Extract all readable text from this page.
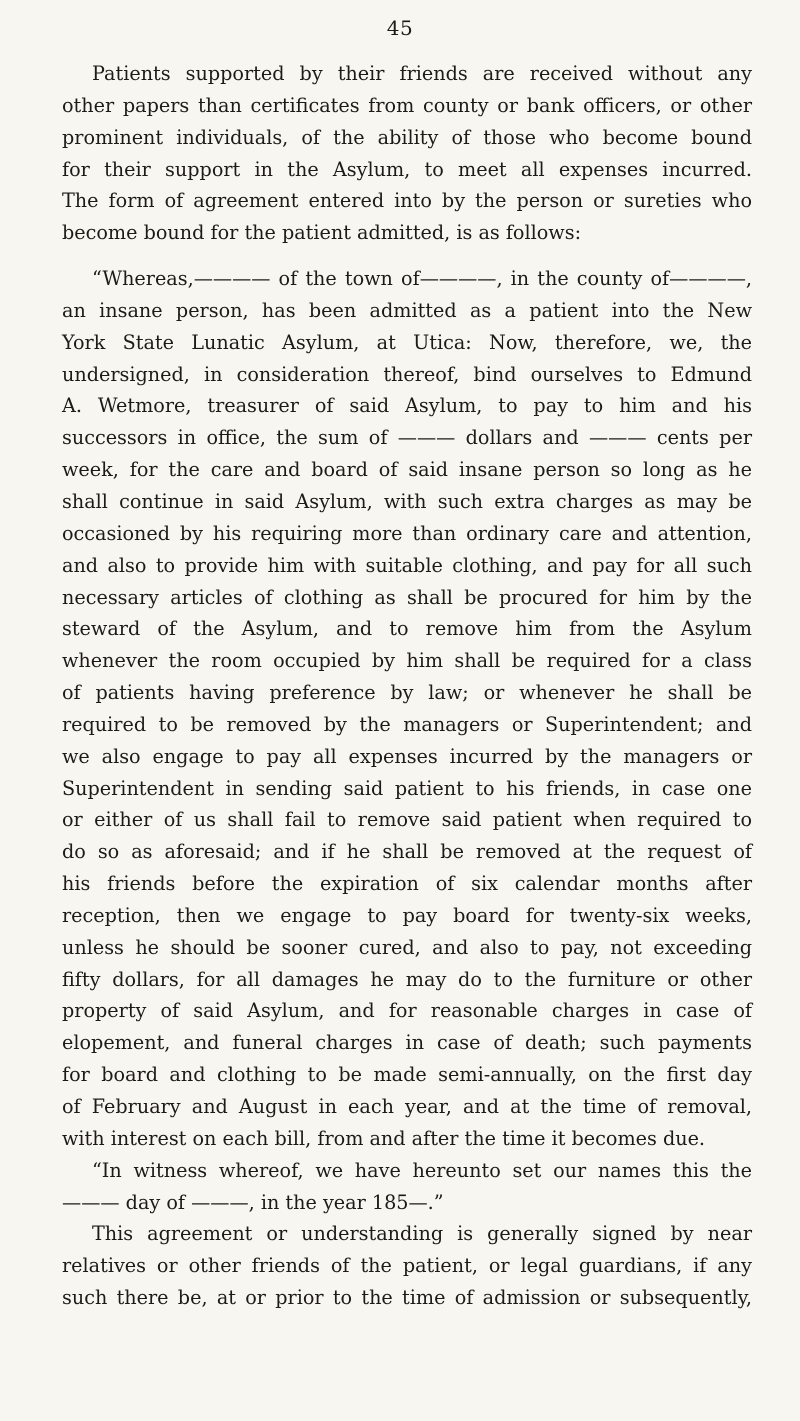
45
Patients supported by their friends are received without any
other papers than certificates from county or bank officers, or other
prominent individuals, of the ability of those who become bound
for their support in the Asylum, to meet all expenses incurred.
The form of agreement entered into by the person or sureties who
become bound for the patient admitted, is as follows:
“Whereas,———— of the town of————, in the county of————,
an insane person, has been admitted as a patient into the New
York State Lunatic Asylum, at Utica: Now, therefore, we, the
undersigned, in consideration thereof, bind ourselves to Edmund
A. Wetmore, treasurer of said Asylum, to pay to him and his
successors in office, the sum of ——— dollars and ——— cents per
week, for the care and board of said insane person so long as he
shall continue in said Asylum, with such extra charges as may be
occasioned by his requiring more than ordinary care and attention,
and also to provide him with suitable clothing, and pay for all such
necessary articles of clothing as shall be procured for him by the
steward of the Asylum, and to remove him from the Asylum
whenever the room occupied by him shall be required for a class
of patients having preference by law; or whenever he shall be
required to be removed by the managers or Superintendent; and
we also engage to pay all expenses incurred by the managers or
Superintendent in sending said patient to his friends, in case one
or either of us shall fail to remove said patient when required to
do so as aforesaid; and if he shall be removed at the request of
his friends before the expiration of six calendar months after
reception, then we engage to pay board for twenty-six weeks,
unless he should be sooner cured, and also to pay, not exceeding
fifty dollars, for all damages he may do to the furniture or other
property of said Asylum, and for reasonable charges in case of
elopement, and funeral charges in case of death; such payments
for board and clothing to be made semi-annually, on the first day
of February and August in each year, and at the time of removal,
with interest on each bill, from and after the time it becomes due.
“In witness whereof, we have hereunto set our names this the
——— day of ———, in the year 185—.”
This agreement or understanding is generally signed by near
relatives or other friends of the patient, or legal guardians, if any
such there be, at or prior to the time of admission or subsequently,
